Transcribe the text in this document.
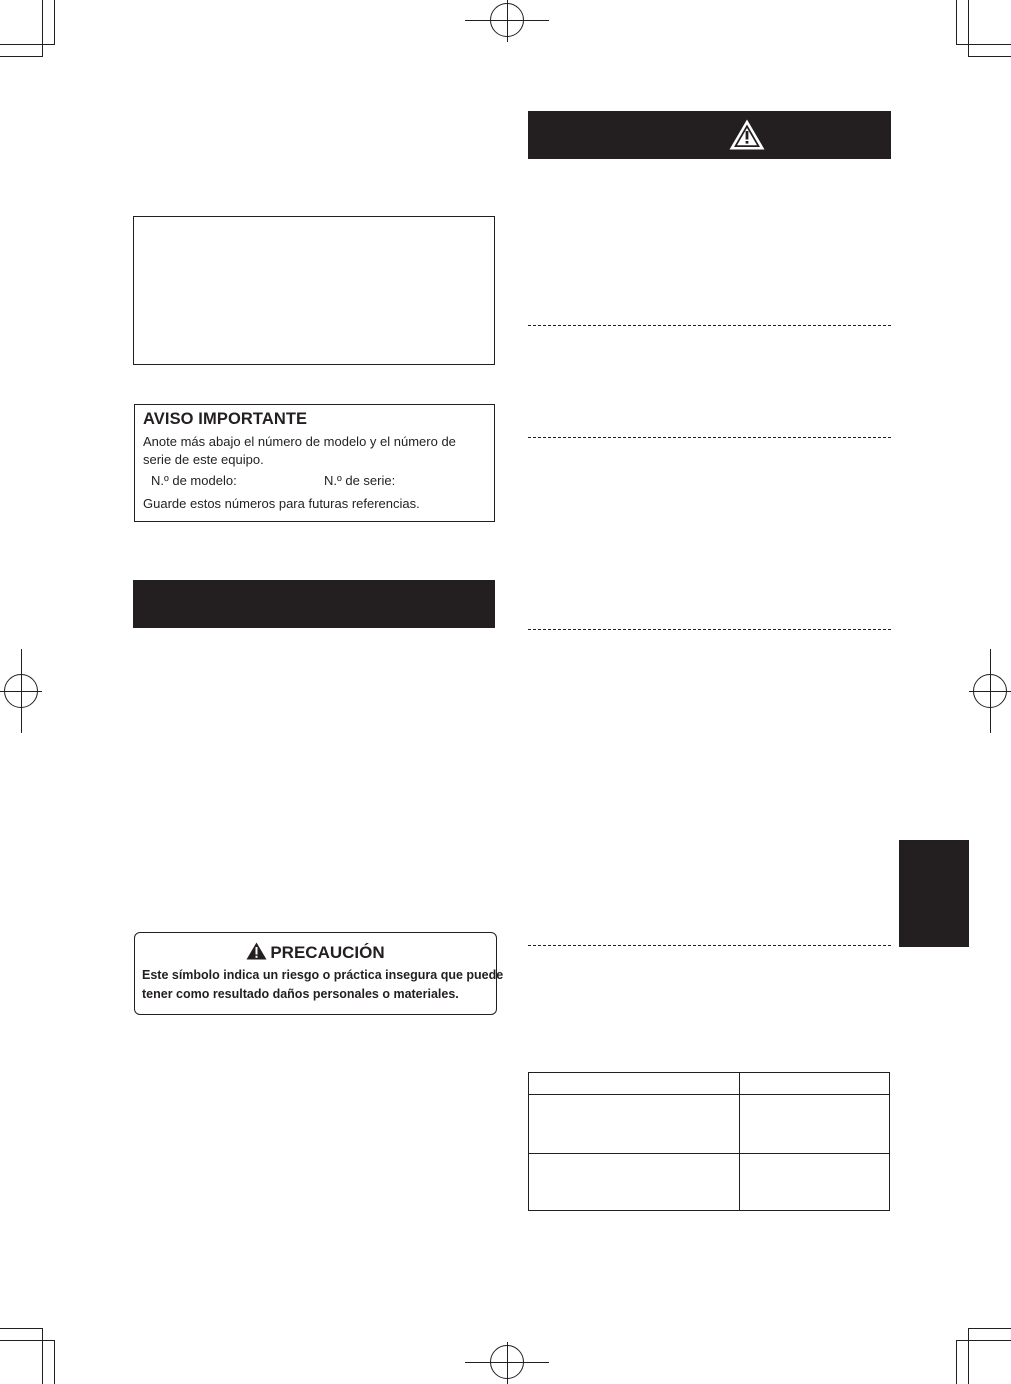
AVISO IMPORTANTE
Anote más abajo el número de modelo y el número de
serie de este equipo.
N.º de modelo:	N.º de serie:
Guarde estos números para futuras referencias.
PRECAUCIÓN
Este símbolo indica un riesgo o práctica insegura que puede
tener como resultado daños personales o materiales.
